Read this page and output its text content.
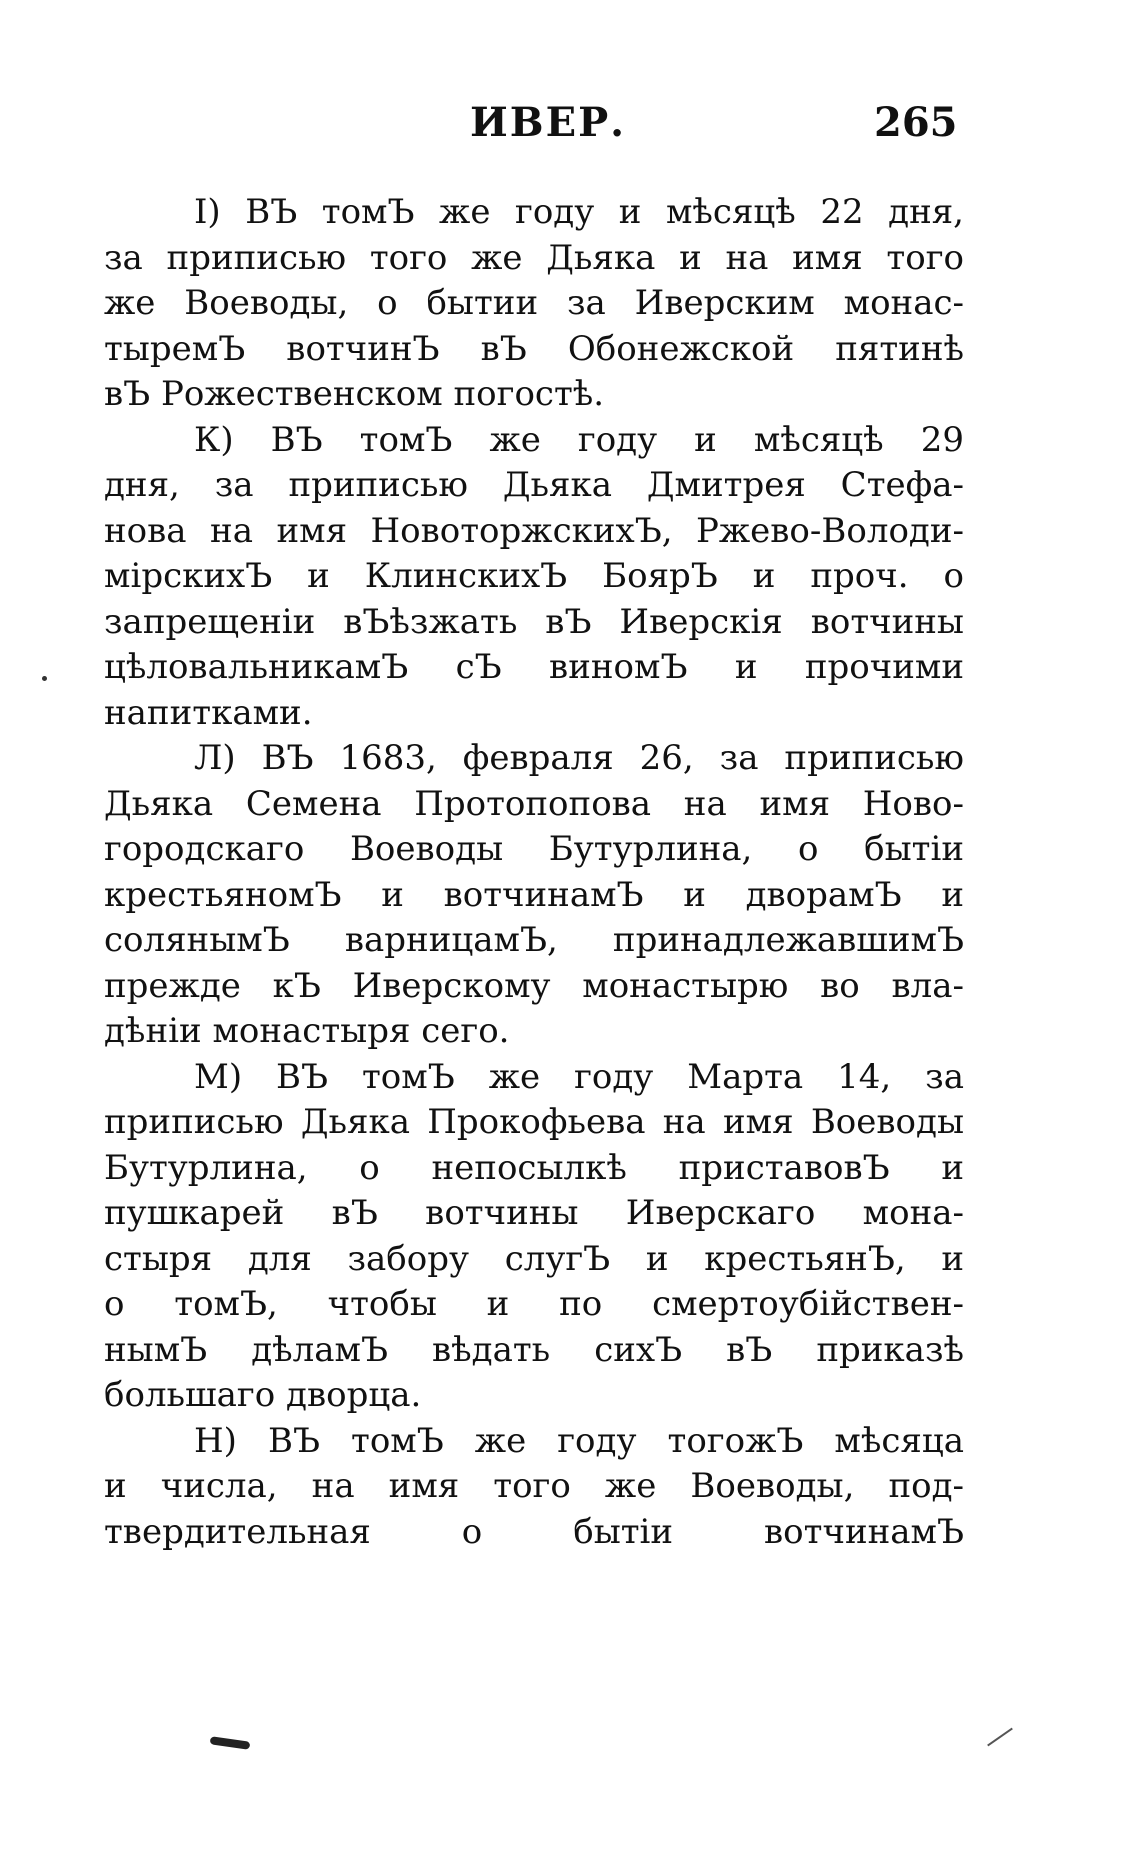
ИВЕР.	265
I) ВЪ томЪ же году и мѣсяцѣ 22 дня,
за приписью того же Дьяка и на имя того
же Воеводы, о бытии за Иверским монас-
тыремЪ вотчинЪ вЪ Обонежской пятинѣ
вЪ Рожественском погостѣ.
К) ВЪ томЪ же году и мѣсяцѣ 29
дня, за приписью Дьяка Дмитрея Стефа-
нова на имя НовоторжскихЪ, Ржево-Володи-
мiрскихЪ и КлинскихЪ БоярЪ и проч. о
запрещенiи вЪѣзжать вЪ Иверскiя вотчины
цѣловальникамЪ сЪ виномЪ и прочими
напитками.
Л) ВЪ 1683, февраля 26, за приписью
Дьяка Семена Протопопова на имя Ново-
городскаго Воеводы Бутурлина, о бытiи
крестьяномЪ и вотчинамЪ и дворамЪ и
солянымЪ варницамЪ, принадлежавшимЪ
прежде кЪ Иверскому монастырю во вла-
дѣнiи монастыря сего.
М) ВЪ томЪ же году Марта 14, за
приписью Дьяка Прокофьева на имя Воеводы
Бутурлина, о непосылкѣ приставовЪ и
пушкарей вЪ вотчины Иверскаго мона-
стыря для забору слугЪ и крестьянЪ, и
о томЪ, чтобы и по смертоубiйствен-
нымЪ дѣламЪ вѣдать сихЪ вЪ приказѣ
большаго дворца.
Н) ВЪ томЪ же году тогожЪ мѣсяца
и числа, на имя того же Воеводы, под-
твердительная о бытiи вотчинамЪ
